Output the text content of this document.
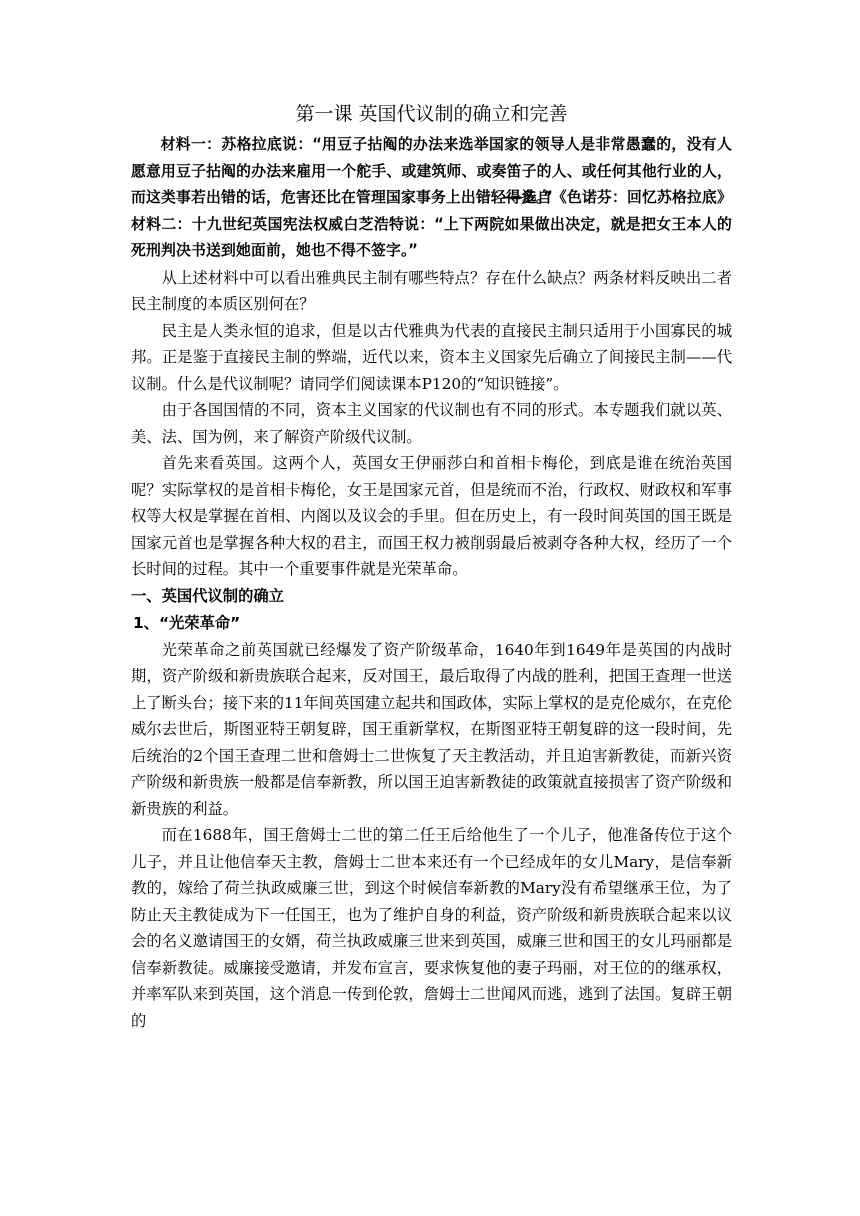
第一课 英国代议制的确立和完善

材料一：苏格拉底说：“用豆子拈阄的办法来选举国家的领导人是非常愚蠢的，没有人愿意用豆子拈阄的办法来雇用一个舵手、或建筑师、或奏笛子的人、或任何其他行业的人，而这类事若出错的话，危害还比在管理国家事务上出错轻得多。”

——选自《色诺芬：回忆苏格拉底》

材料二：十九世纪英国宪法权威白芝浩特说：“上下两院如果做出决定，就是把女王本人的死刑判决书送到她面前，她也不得不签字。”

从上述材料中可以看出雅典民主制有哪些特点？存在什么缺点？两条材料反映出二者民主制度的本质区别何在？

民主是人类永恒的追求，但是以古代雅典为代表的直接民主制只适用于小国寡民的城邦。正是鉴于直接民主制的弊端，近代以来，资本主义国家先后确立了间接民主制——代议制。什么是代议制呢？请同学们阅读课本P120的“知识链接”。

由于各国国情的不同，资本主义国家的代议制也有不同的形式。本专题我们就以英、美、法、国为例，来了解资产阶级代议制。

首先来看英国。这两个人，英国女王伊丽莎白和首相卡梅伦，到底是谁在统治英国呢？实际掌权的是首相卡梅伦，女王是国家元首，但是统而不治，行政权、财政权和军事权等大权是掌握在首相、内阁以及议会的手里。但在历史上，有一段时间英国的国王既是国家元首也是掌握各种大权的君主，而国王权力被削弱最后被剥夺各种大权，经历了一个长时间的过程。其中一个重要事件就是光荣革命。

一、英国代议制的确立

1、“光荣革命”

光荣革命之前英国就已经爆发了资产阶级革命，1640年到1649年是英国的内战时期，资产阶级和新贵族联合起来，反对国王，最后取得了内战的胜利，把国王查理一世送上了断头台；接下来的11年间英国建立起共和国政体，实际上掌权的是克伦威尔，在克伦威尔去世后，斯图亚特王朝复辟，国王重新掌权，在斯图亚特王朝复辟的这一段时间，先后统治的2个国王查理二世和詹姆士二世恢复了天主教活动，并且迫害新教徒，而新兴资产阶级和新贵族一般都是信奉新教，所以国王迫害新教徒的政策就直接损害了资产阶级和新贵族的利益。

而在1688年，国王詹姆士二世的第二任王后给他生了一个儿子，他准备传位于这个儿子，并且让他信奉天主教，詹姆士二世本来还有一个已经成年的女儿Mary，是信奉新教的，嫁给了荷兰执政威廉三世，到这个时候信奉新教的Mary没有希望继承王位，为了防止天主教徒成为下一任国王，也为了维护自身的利益，资产阶级和新贵族联合起来以议会的名义邀请国王的女婿，荷兰执政威廉三世来到英国，威廉三世和国王的女儿玛丽都是信奉新教徒。威廉接受邀请，并发布宣言，要求恢复他的妻子玛丽，对王位的的继承权，并率军队来到英国，这个消息一传到伦敦，詹姆士二世闻风而逃，逃到了法国。复辟王朝的
